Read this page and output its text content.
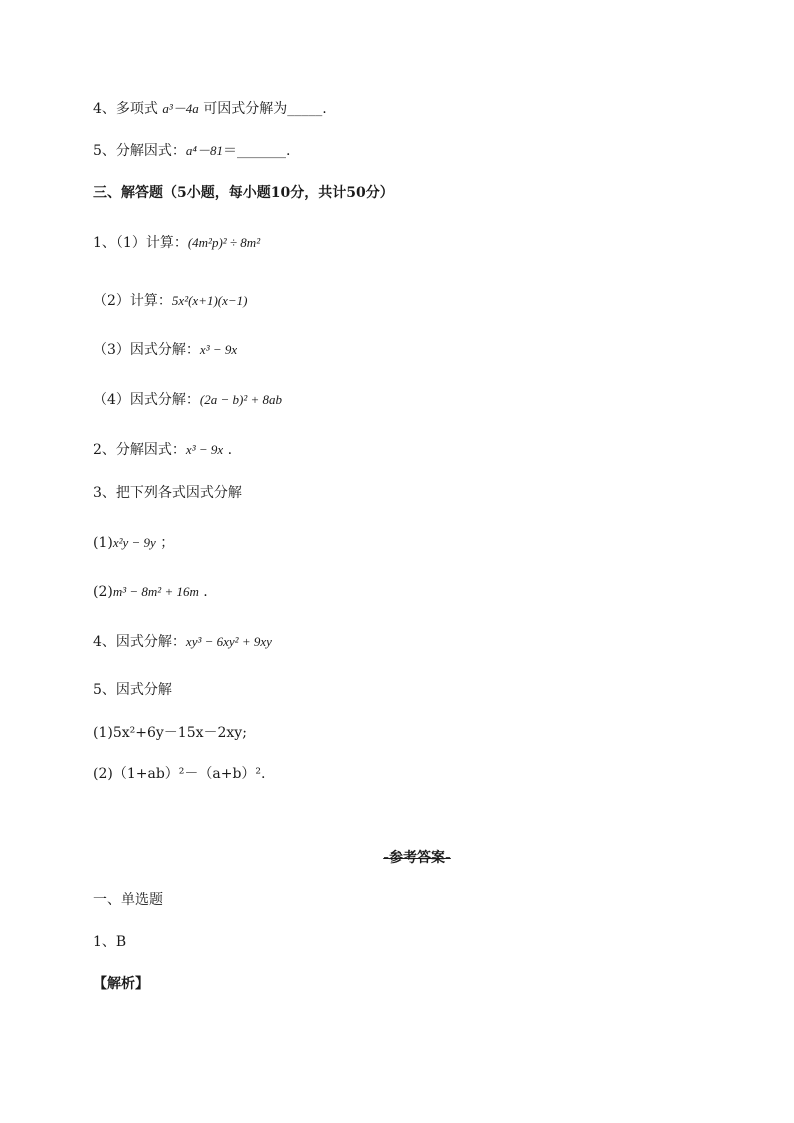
4、多项式 a³－4a 可因式分解为_____.
5、分解因式：a⁴－81＝_______.
三、解答题（5小题，每小题10分，共计50分）
1、（1）计算：(4m²p)² ÷ 8m²
（2）计算：5x²(x+1)(x−1)
（3）因式分解：x³ − 9x
（4）因式分解：(2a − b)² + 8ab
2、分解因式：x³ − 9x .
3、把下列各式因式分解
(1)x²y − 9y ；
(2)m³ − 8m² + 16m .
4、因式分解：xy³ − 6xy² + 9xy
5、因式分解
(1)5x²+6y－15x－2xy;
(2)（1+ab）²－（a+b）².
-参考答案-
一、单选题
1、B
【解析】
